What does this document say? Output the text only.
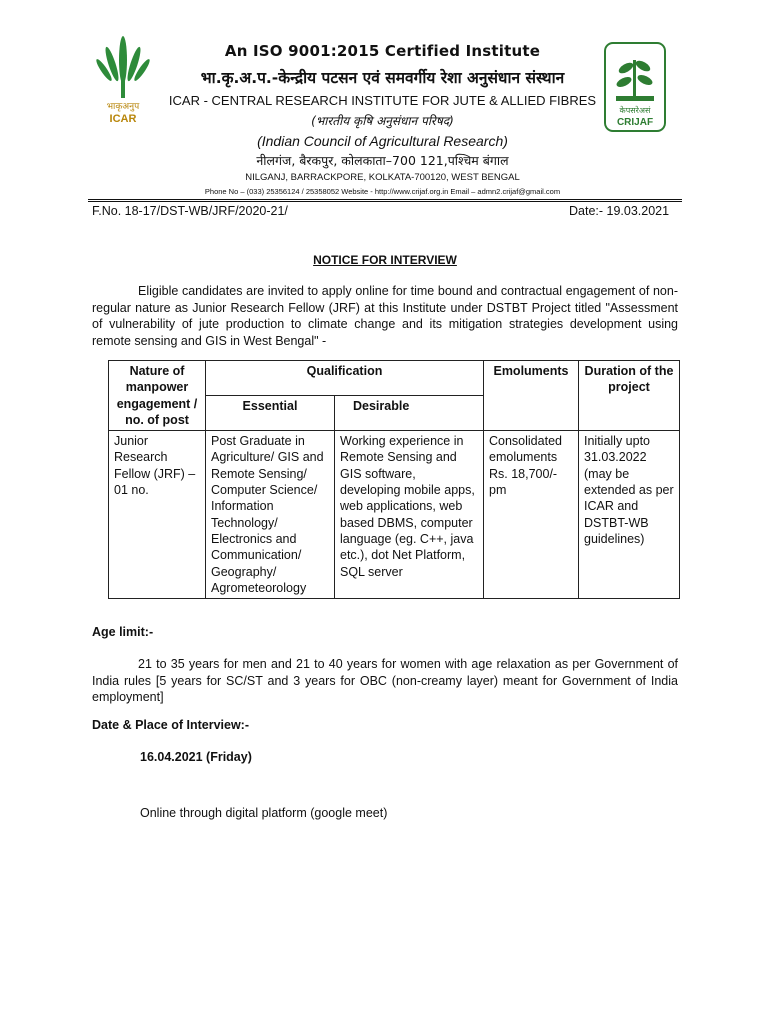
भाकृअनुप
ICAR
केपसरेअसं
CRIJAF
An ISO 9001:2015 Certified Institute
भा.कृ.अ.प.-केन्द्रीय पटसन एवं समवर्गीय रेशा अनुसंधान संस्थान
ICAR - CENTRAL RESEARCH INSTITUTE FOR JUTE & ALLIED FIBRES
(भारतीय कृषि अनुसंधान परिषद)
(Indian Council of Agricultural Research)
नीलगंज, बैरकपुर, कोलकाता–700 121,पश्चिम बंगाल
NILGANJ, BARRACKPORE, KOLKATA-700120, WEST BENGAL
Phone No – (033) 25356124 / 25358052 Website - http://www.crijaf.org.in Email – admn2.crijaf@gmail.com
F.No. 18-17/DST-WB/JRF/2020-21/	Date:- 19.03.2021
NOTICE FOR INTERVIEW
Eligible candidates are invited to apply online for time bound and contractual engagement of non-regular nature as Junior Research Fellow (JRF) at this Institute under DSTBT Project titled "Assessment of vulnerability of jute production to climate change and its mitigation strategies development using remote sensing and GIS in West Bengal" -
Nature of manpower engagement / no. of post	Qualification		Emoluments	Duration of the project
	Essential	Desirable		
Junior Research Fellow (JRF) – 01 no.	Post Graduate in Agriculture/ GIS and Remote Sensing/ Computer Science/ Information Technology/ Electronics and Communication/ Geography/ Agrometeorology	Working experience in Remote Sensing and GIS software, developing mobile apps, web applications, web based DBMS, computer language (eg. C++, java etc.), dot Net Platform, SQL server	Consolidated emoluments Rs. 18,700/- pm	Initially upto 31.03.2022 (may be extended as per ICAR and DSTBT-WB guidelines)
Age limit:-
21 to 35 years for men and 21 to 40 years for women with age relaxation as per Government of India rules [5 years for SC/ST and 3 years for OBC (non-creamy layer) meant for Government of India employment]
Date & Place of Interview:-
16.04.2021 (Friday)
Online through digital platform (google meet)
